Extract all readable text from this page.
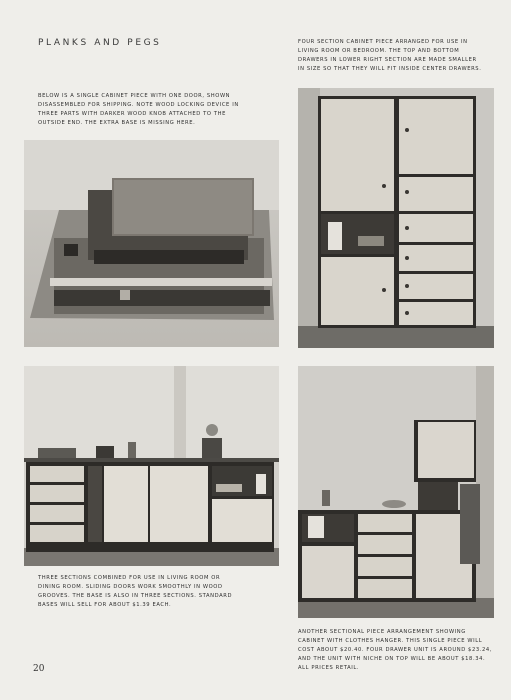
PLANKS AND PEGS
BELOW IS A SINGLE CABINET PIECE WITH ONE DOOR, SHOWN DISASSEMBLED FOR SHIPPING. NOTE WOOD LOCKING DEVICE IN THREE PARTS WITH DARKER WOOD KNOB ATTACHED TO THE OUTSIDE END. THE EXTRA BASE IS MISSING HERE.
FOUR SECTION CABINET PIECE ARRANGED FOR USE IN LIVING ROOM OR BEDROOM. THE TOP AND BOTTOM DRAWERS IN LOWER RIGHT SECTION ARE MADE SMALLER IN SIZE SO THAT THEY WILL FIT INSIDE CENTER DRAWERS.
THREE SECTIONS COMBINED FOR USE IN LIVING ROOM OR DINING ROOM. SLIDING DOORS WORK SMOOTHLY IN WOOD GROOVES. THE BASE IS ALSO IN THREE SECTIONS. STANDARD BASES WILL SELL FOR ABOUT $1.39 EACH.
ANOTHER SECTIONAL PIECE ARRANGEMENT SHOWING CABINET WITH CLOTHES HANGER. THIS SINGLE PIECE WILL COST ABOUT $20.40. FOUR DRAWER UNIT IS AROUND $23.24, AND THE UNIT WITH NICHE ON TOP WILL BE ABOUT $18.34. ALL PRICES RETAIL.
20
